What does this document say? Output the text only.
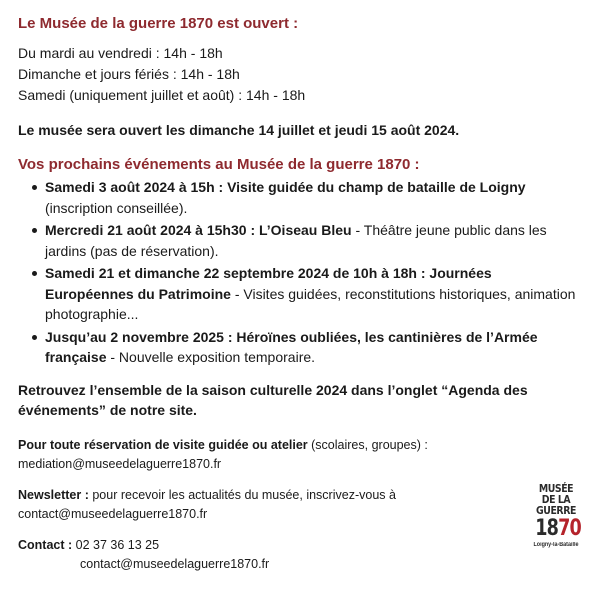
Le Musée de la guerre 1870 est ouvert :
Du mardi au vendredi : 14h - 18h
Dimanche et jours fériés : 14h - 18h
Samedi (uniquement juillet et août) : 14h - 18h
Le musée sera ouvert les dimanche 14 juillet et jeudi 15 août 2024.
Vos prochains événements au Musée de la guerre 1870 :
Samedi 3 août 2024 à 15h : Visite guidée du champ de bataille de Loigny (inscription conseillée).
Mercredi 21 août 2024 à 15h30 : L’Oiseau Bleu - Théâtre jeune public dans les jardins (pas de réservation).
Samedi 21 et dimanche 22 septembre 2024 de 10h à 18h : Journées Européennes du Patrimoine - Visites guidées, reconstitutions historiques, animation photographie...
Jusqu’au 2 novembre 2025 : Héroïnes oubliées, les cantinières de l’Armée française - Nouvelle exposition temporaire.
Retrouvez l’ensemble de la saison culturelle 2024 dans l’onglet “Agenda des événements” de notre site.
Pour toute réservation de visite guidée ou atelier (scolaires, groupes) :
mediation@museedelaguerre1870.fr
Newsletter : pour recevoir les actualités du musée, inscrivez-vous à
contact@museedelaguerre1870.fr
Contact : 02 37 36 13 25

contact@museedelaguerre1870.fr
MUSÉE
DE LA
GUERRE
1870
Loigny-la-Bataille
